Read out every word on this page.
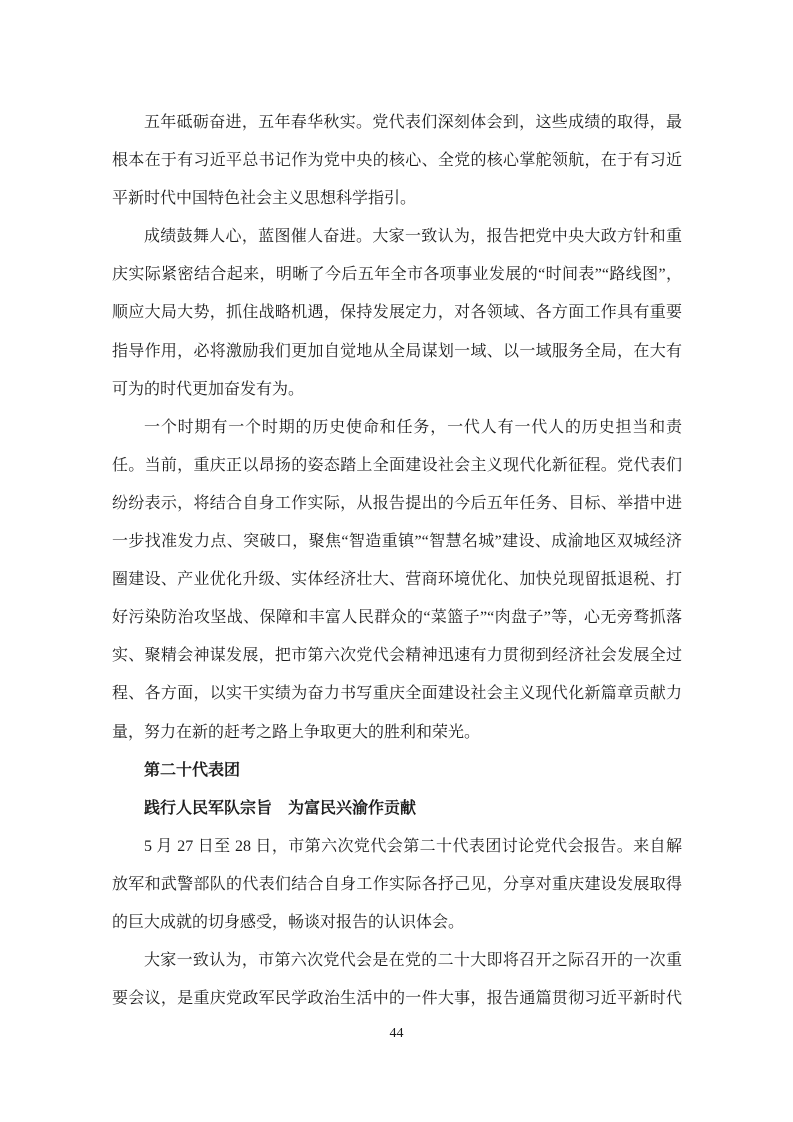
五年砥砺奋进，五年春华秋实。党代表们深刻体会到，这些成绩的取得，最根本在于有习近平总书记作为党中央的核心、全党的核心掌舵领航，在于有习近平新时代中国特色社会主义思想科学指引。

成绩鼓舞人心，蓝图催人奋进。大家一致认为，报告把党中央大政方针和重庆实际紧密结合起来，明晰了今后五年全市各项事业发展的“时间表”“路线图”，顺应大局大势，抓住战略机遇，保持发展定力，对各领域、各方面工作具有重要指导作用，必将激励我们更加自觉地从全局谋划一域、以一域服务全局，在大有可为的时代更加奋发有为。

一个时期有一个时期的历史使命和任务，一代人有一代人的历史担当和责任。当前，重庆正以昂扬的姿态踏上全面建设社会主义现代化新征程。党代表们纷纷表示，将结合自身工作实际，从报告提出的今后五年任务、目标、举措中进一步找准发力点、突破口，聚焦“智造重镇”“智慧名城”建设、成渝地区双城经济圈建设、产业优化升级、实体经济壮大、营商环境优化、加快兑现留抵退税、打好污染防治攻坚战、保障和丰富人民群众的“菜篮子”“肉盘子”等，心无旁骛抓落实、聚精会神谋发展，把市第六次党代会精神迅速有力贯彻到经济社会发展全过程、各方面，以实干实绩为奋力书写重庆全面建设社会主义现代化新篇章贡献力量，努力在新的赶考之路上争取更大的胜利和荣光。

第二十代表团
践行人民军队宗旨　为富民兴渝作贡献

5 月 27 日至 28 日，市第六次党代会第二十代表团讨论党代会报告。来自解放军和武警部队的代表们结合自身工作实际各抒己见，分享对重庆建设发展取得的巨大成就的切身感受，畅谈对报告的认识体会。

大家一致认为，市第六次党代会是在党的二十大即将召开之际召开的一次重要会议，是重庆党政军民学政治生活中的一件大事，报告通篇贯彻习近平新时代

44
